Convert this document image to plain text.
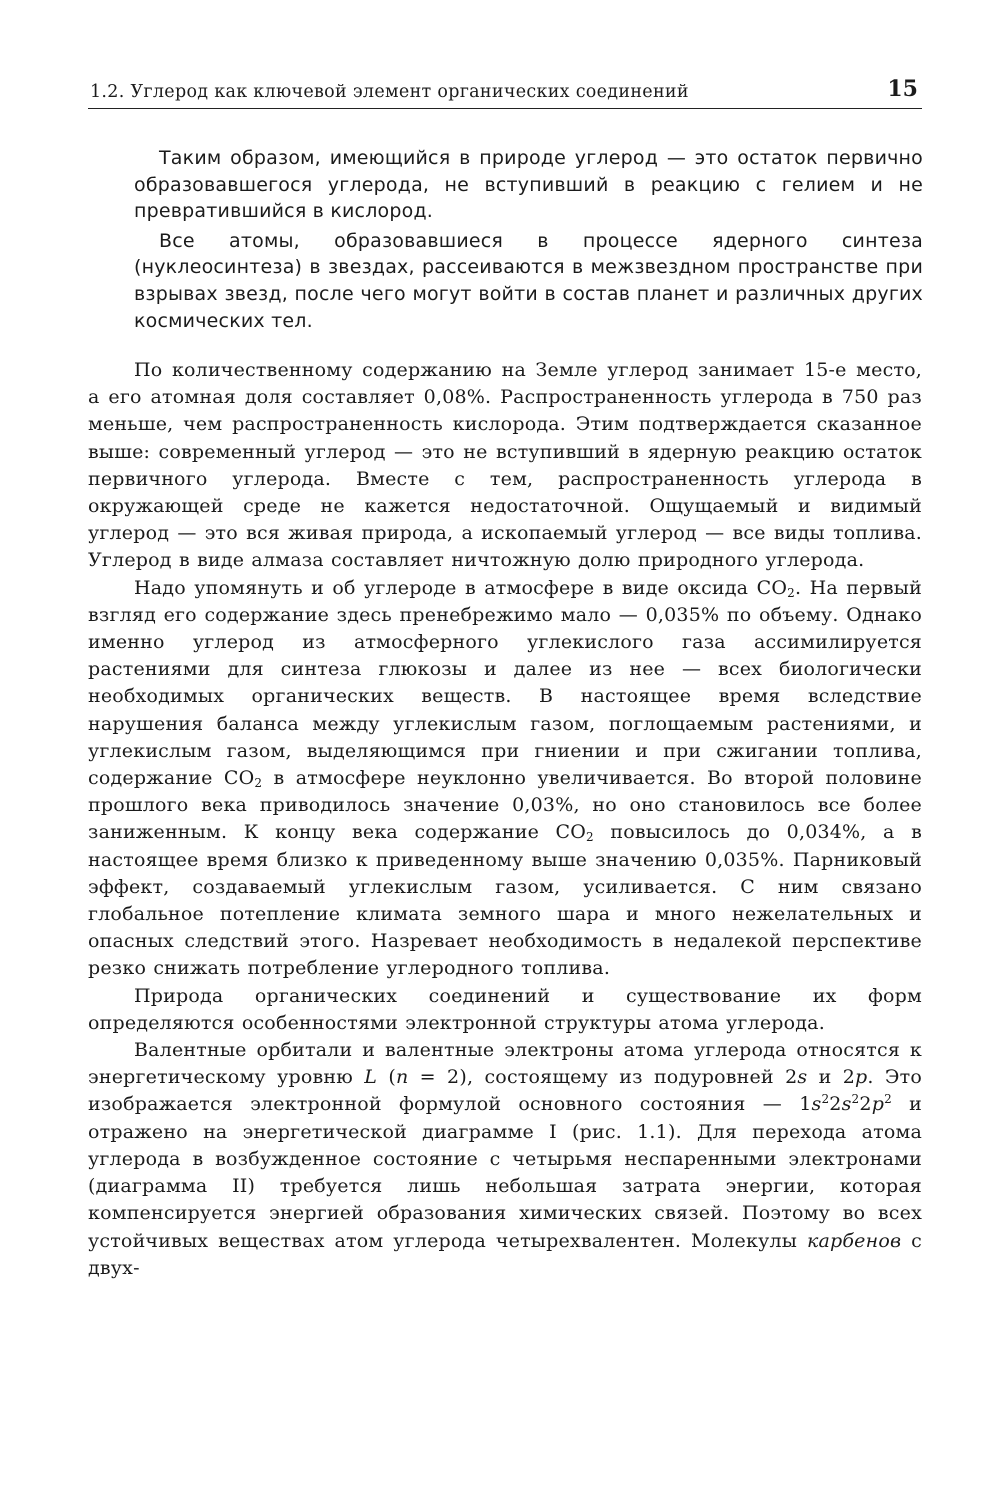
1.2. Углерод как ключевой элемент органических соединений	15

Таким образом, имеющийся в природе углерод — это остаток первично образовавшегося углерода, не вступивший в реакцию с гелием и не превратившийся в кислород.

Все атомы, образовавшиеся в процессе ядерного синтеза (нуклеосинтеза) в звездах, рассеиваются в межзвездном пространстве при взрывах звезд, после чего могут войти в состав планет и различных других космических тел.

По количественному содержанию на Земле углерод занимает 15-е место, а его атомная доля составляет 0,08%. Распространенность углерода в 750 раз меньше, чем распространенность кислорода. Этим подтверждается сказанное выше: современный углерод — это не вступивший в ядерную реакцию остаток первичного углерода. Вместе с тем, распространенность углерода в окружающей среде не кажется недостаточной. Ощущаемый и видимый углерод — это вся живая природа, а ископаемый углерод — все виды топлива. Углерод в виде алмаза составляет ничтожную долю природного углерода.

Надо упомянуть и об углероде в атмосфере в виде оксида $CO_2$. На первый взгляд его содержание здесь пренебрежимо мало — 0,035% по объему. Однако именно углерод из атмосферного углекислого газа ассимилируется растениями для синтеза глюкозы и далее из нее — всех биологически необходимых органических веществ. В настоящее время вследствие нарушения баланса между углекислым газом, поглощаемым растениями, и углекислым газом, выделяющимся при гниении и при сжигании топлива, содержание $CO_2$ в атмосфере неуклонно увеличивается. Во второй половине прошлого века приводилось значение 0,03%, но оно становилось все более заниженным. К концу века содержание $CO_2$ повысилось до 0,034%, а в настоящее время близко к приведенному выше значению 0,035%. Парниковый эффект, создаваемый углекислым газом, усиливается. С ним связано глобальное потепление климата земного шара и много нежелательных и опасных следствий этого. Назревает необходимость в недалекой перспективе резко снижать потребление углеродного топлива.

Природа органических соединений и существование их форм определяются особенностями электронной структуры атома углерода.

Валентные орбитали и валентные электроны атома углерода относятся к энергетическому уровню L (n = 2), состоящему из подуровней 2s и 2p. Это изображается электронной формулой основного состояния — $1s^22s^22p^2$ и отражено на энергетической диаграмме I (рис. 1.1). Для перехода атома углерода в возбужденное состояние с четырьмя неспаренными электронами (диаграмма II) требуется лишь небольшая затрата энергии, которая компенсируется энергией образования химических связей. Поэтому во всех устойчивых веществах атом углерода четырехвалентен. Молекулы карбенов с двух-
